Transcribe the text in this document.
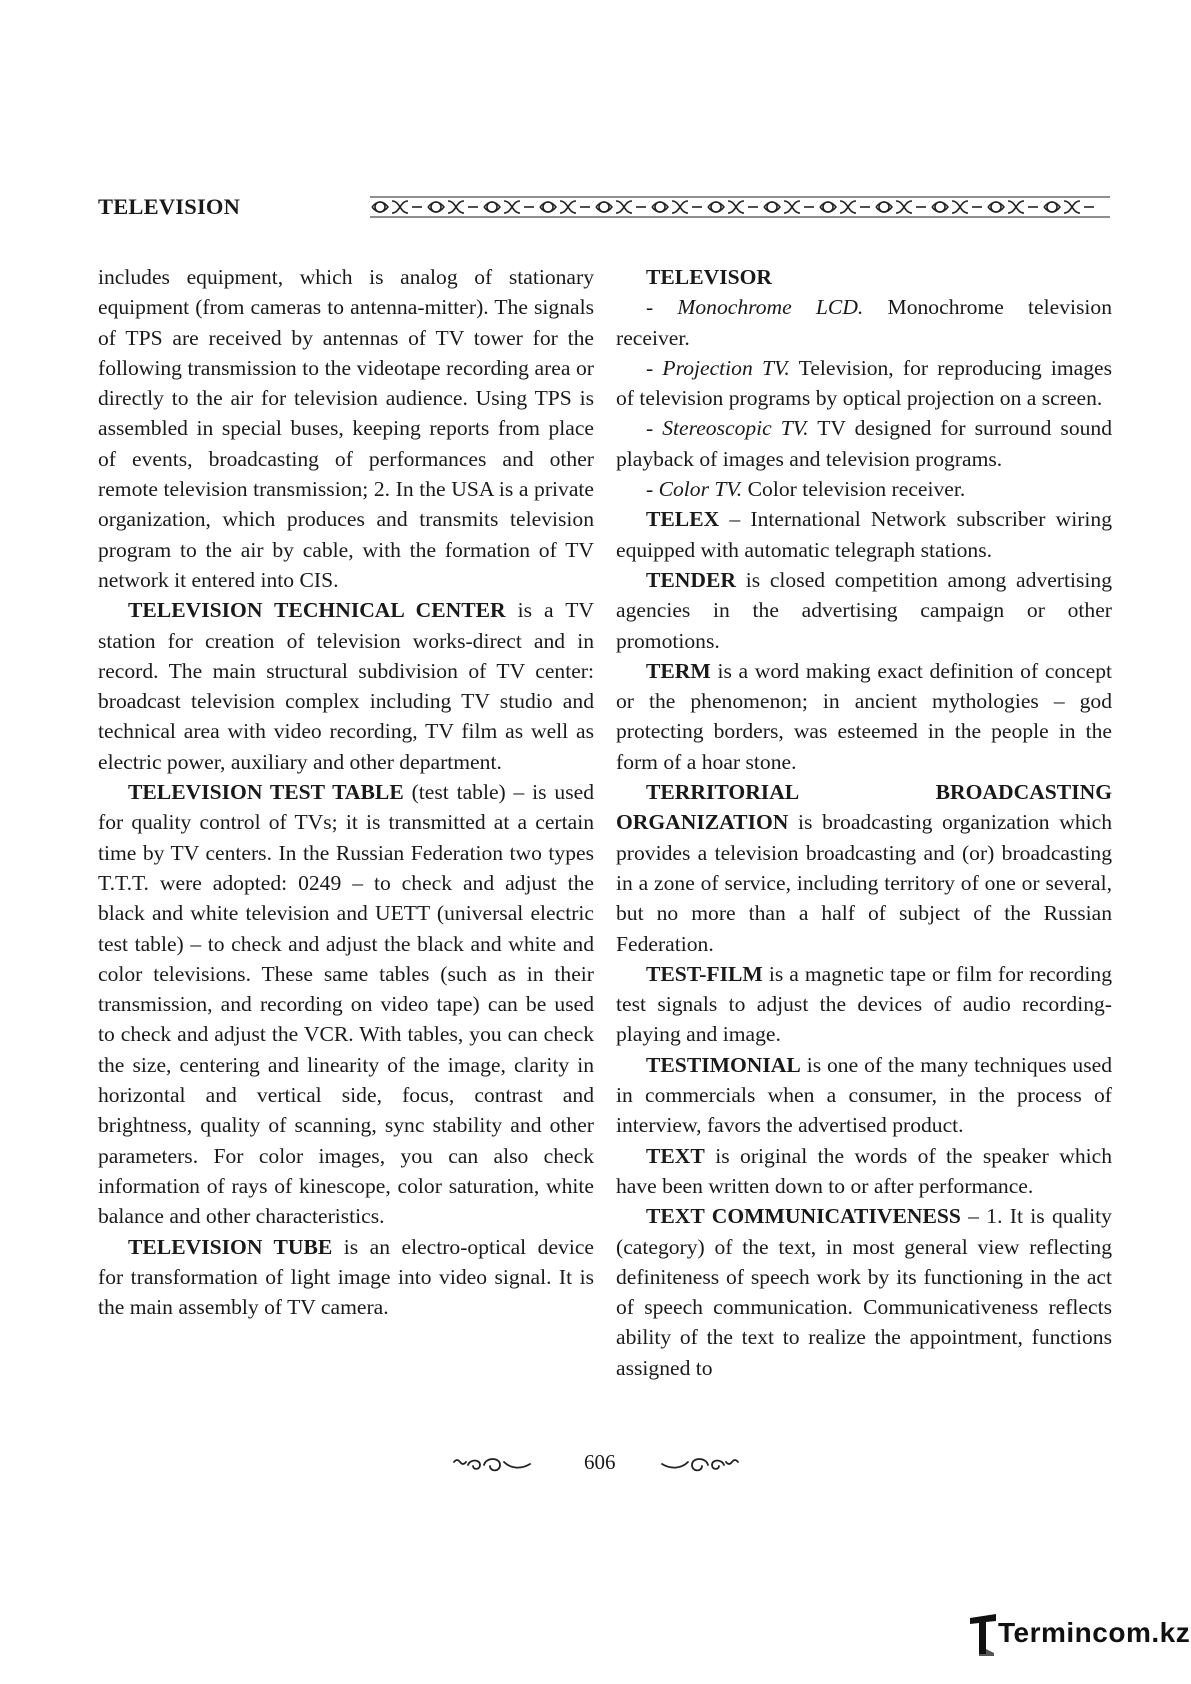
TELEVISION

includes equipment, which is analog of stationary equipment (from cameras to antenna-mitter). The signals of TPS are received by antennas of TV tower for the following transmission to the videotape recording area or directly to the air for television audience. Using TPS is assembled in special buses, keeping reports from place of events, broadcasting of performances and other remote television transmission; 2. In the USA is a private organization, which produces and transmits television program to the air by cable, with the formation of TV network it entered into CIS.

TELEVISION TECHNICAL CENTER is a TV station for creation of television works-direct and in record. The main structural subdivision of TV center: broadcast television complex including TV studio and technical area with video recording, TV film as well as electric power, auxiliary and other department.

TELEVISION TEST TABLE (test table) – is used for quality control of TVs; it is transmitted at a certain time by TV centers. In the Russian Federation two types T.T.T. were adopted: 0249 – to check and adjust the black and white television and UETT (universal electric test table) – to check and adjust the black and white and color televisions. These same tables (such as in their transmission, and recording on video tape) can be used to check and adjust the VCR. With tables, you can check the size, centering and linearity of the image, clarity in horizontal and vertical side, focus, contrast and brightness, quality of scanning, sync stability and other parameters. For color images, you can also check information of rays of kinescope, color saturation, white balance and other characteristics.

TELEVISION TUBE is an electro-optical device for transformation of light image into video signal. It is the main assembly of TV camera.

TELEVISOR

- Monochrome LCD. Monochrome television receiver.

- Projection TV. Television, for reproducing images of television programs by optical projection on a screen.

- Stereoscopic TV. TV designed for surround sound playback of images and television programs.

- Color TV. Color television receiver.

TELEX – International Network subscriber wiring equipped with automatic telegraph stations.

TENDER is closed competition among advertising agencies in the advertising campaign or other promotions.

TERM is a word making exact definition of concept or the phenomenon; in ancient mythologies – god protecting borders, was esteemed in the people in the form of a hoar stone.

TERRITORIAL BROADCASTING ORGANIZATION is broadcasting organization which provides a television broadcasting and (or) broadcasting in a zone of service, including territory of one or several, but no more than a half of subject of the Russian Federation.

TEST-FILM is a magnetic tape or film for recording test signals to adjust the devices of audio recording-playing and image.

TESTIMONIAL is one of the many techniques used in commercials when a consumer, in the process of interview, favors the advertised product.

TEXT is original the words of the speaker which have been written down to or after performance.

TEXT COMMUNICATIVENESS – 1. It is quality (category) of the text, in most general view reflecting definiteness of speech work by its functioning in the act of speech communication. Communicativeness reflects ability of the text to realize the appointment, functions assigned to

606
Termincom.kz
